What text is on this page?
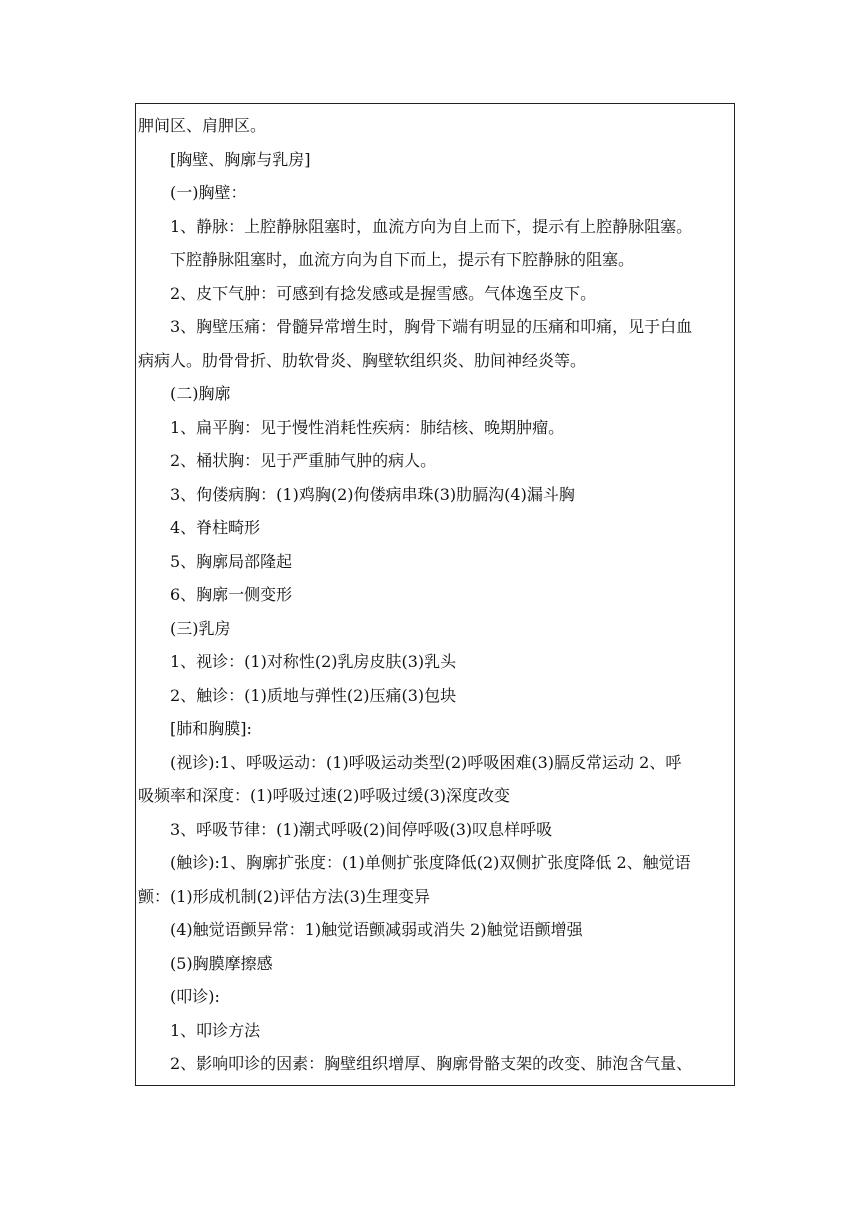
胛间区、肩胛区。
[胸壁、胸廓与乳房]
(一)胸壁：
1、静脉：上腔静脉阻塞时，血流方向为自上而下，提示有上腔静脉阻塞。
下腔静脉阻塞时，血流方向为自下而上，提示有下腔静脉的阻塞。
2、皮下气肿：可感到有捻发感或是握雪感。气体逸至皮下。
3、胸壁压痛：骨髓异常增生时，胸骨下端有明显的压痛和叩痛，见于白血
病病人。肋骨骨折、肋软骨炎、胸壁软组织炎、肋间神经炎等。
(二)胸廓
1、扁平胸：见于慢性消耗性疾病：肺结核、晚期肿瘤。
2、桶状胸：见于严重肺气肿的病人。
3、佝偻病胸：(1)鸡胸(2)佝偻病串珠(3)肋膈沟(4)漏斗胸
4、脊柱畸形
5、胸廓局部隆起
6、胸廓一侧变形
(三)乳房
1、视诊：(1)对称性(2)乳房皮肤(3)乳头
2、触诊：(1)质地与弹性(2)压痛(3)包块
[肺和胸膜]:
(视诊):1、呼吸运动：(1)呼吸运动类型(2)呼吸困难(3)膈反常运动 2、呼
吸频率和深度：(1)呼吸过速(2)呼吸过缓(3)深度改变
3、呼吸节律：(1)潮式呼吸(2)间停呼吸(3)叹息样呼吸
(触诊):1、胸廓扩张度：(1)单侧扩张度降低(2)双侧扩张度降低 2、触觉语
颤：(1)形成机制(2)评估方法(3)生理变异
(4)触觉语颤异常：1)触觉语颤减弱或消失 2)触觉语颤增强
(5)胸膜摩擦感
(叩诊):
1、叩诊方法
2、影响叩诊的因素：胸壁组织增厚、胸廓骨骼支架的改变、肺泡含气量、
